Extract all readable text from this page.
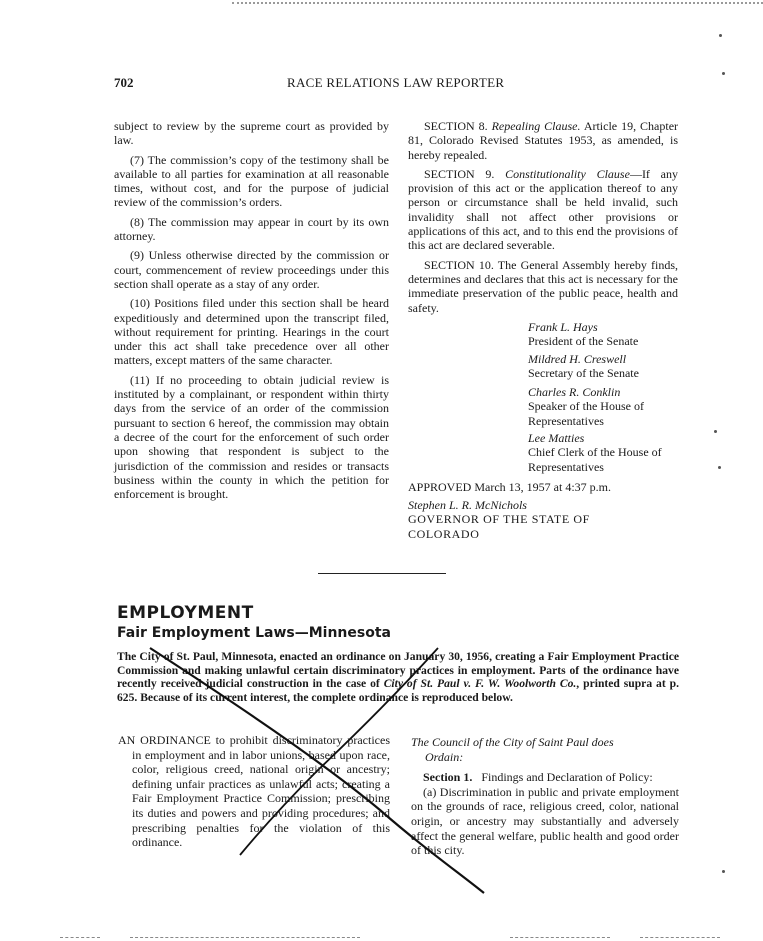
702	RACE RELATIONS LAW REPORTER

subject to review by the supreme court as provided by law.

(7) The commission’s copy of the testimony shall be available to all parties for examination at all reasonable times, without cost, and for the purpose of judicial review of the commission’s orders.

(8) The commission may appear in court by its own attorney.

(9) Unless otherwise directed by the commission or court, commencement of review proceedings under this section shall operate as a stay of any order.

(10) Positions filed under this section shall be heard expeditiously and determined upon the transcript filed, without requirement for printing. Hearings in the court under this act shall take precedence over all other matters, except matters of the same character.

(11) If no proceeding to obtain judicial review is instituted by a complainant, or respondent within thirty days from the service of an order of the commission pursuant to section 6 hereof, the commission may obtain a decree of the court for the enforcement of such order upon showing that respondent is subject to the jurisdiction of the commission and resides or transacts business within the county in which the petition for enforcement is brought.

SECTION 8. Repealing Clause. Article 19, Chapter 81, Colorado Revised Statutes 1953, as amended, is hereby repealed.

SECTION 9. Constitutionality Clause—If any provision of this act or the application thereof to any person or circumstance shall be held invalid, such invalidity shall not affect other provisions or applications of this act, and to this end the provisions of this act are declared severable.

SECTION 10. The General Assembly hereby finds, determines and declares that this act is necessary for the immediate preservation of the public peace, health and safety.

Frank L. Hays
President of the Senate
Mildred H. Creswell
Secretary of the Senate
Charles R. Conklin
Speaker of the House of Representatives
Lee Matties
Chief Clerk of the House of Representatives
APPROVED March 13, 1957 at 4:37 p.m.
Stephen L. R. McNichols
GOVERNOR OF THE STATE OF COLORADO
EMPLOYMENT
Fair Employment Laws—Minnesota
The City of St. Paul, Minnesota, enacted an ordinance on January 30, 1956, creating a Fair Employment Practice Commission and making unlawful certain discriminatory practices in employment. Parts of the ordinance have recently received judicial construction in the case of City of St. Paul v. F. W. Woolworth Co., printed supra at p. 625. Because of its current interest, the complete ordinance is reproduced below.
AN ORDINANCE to prohibit discriminatory practices in employment and in labor unions, based upon race, color, religious creed, national origin or ancestry; defining unfair practices as unlawful acts; creating a Fair Employment Practice Commission; prescribing its duties and powers and providing procedures; and prescribing penalties for the violation of this ordinance.
The Council of the City of Saint Paul does
Ordain:
Section 1. Findings and Declaration of Policy:
(a) Discrimination in public and private employment on the grounds of race, religious creed, color, national origin, or ancestry may substantially and adversely affect the general welfare, public health and good order of this city.
